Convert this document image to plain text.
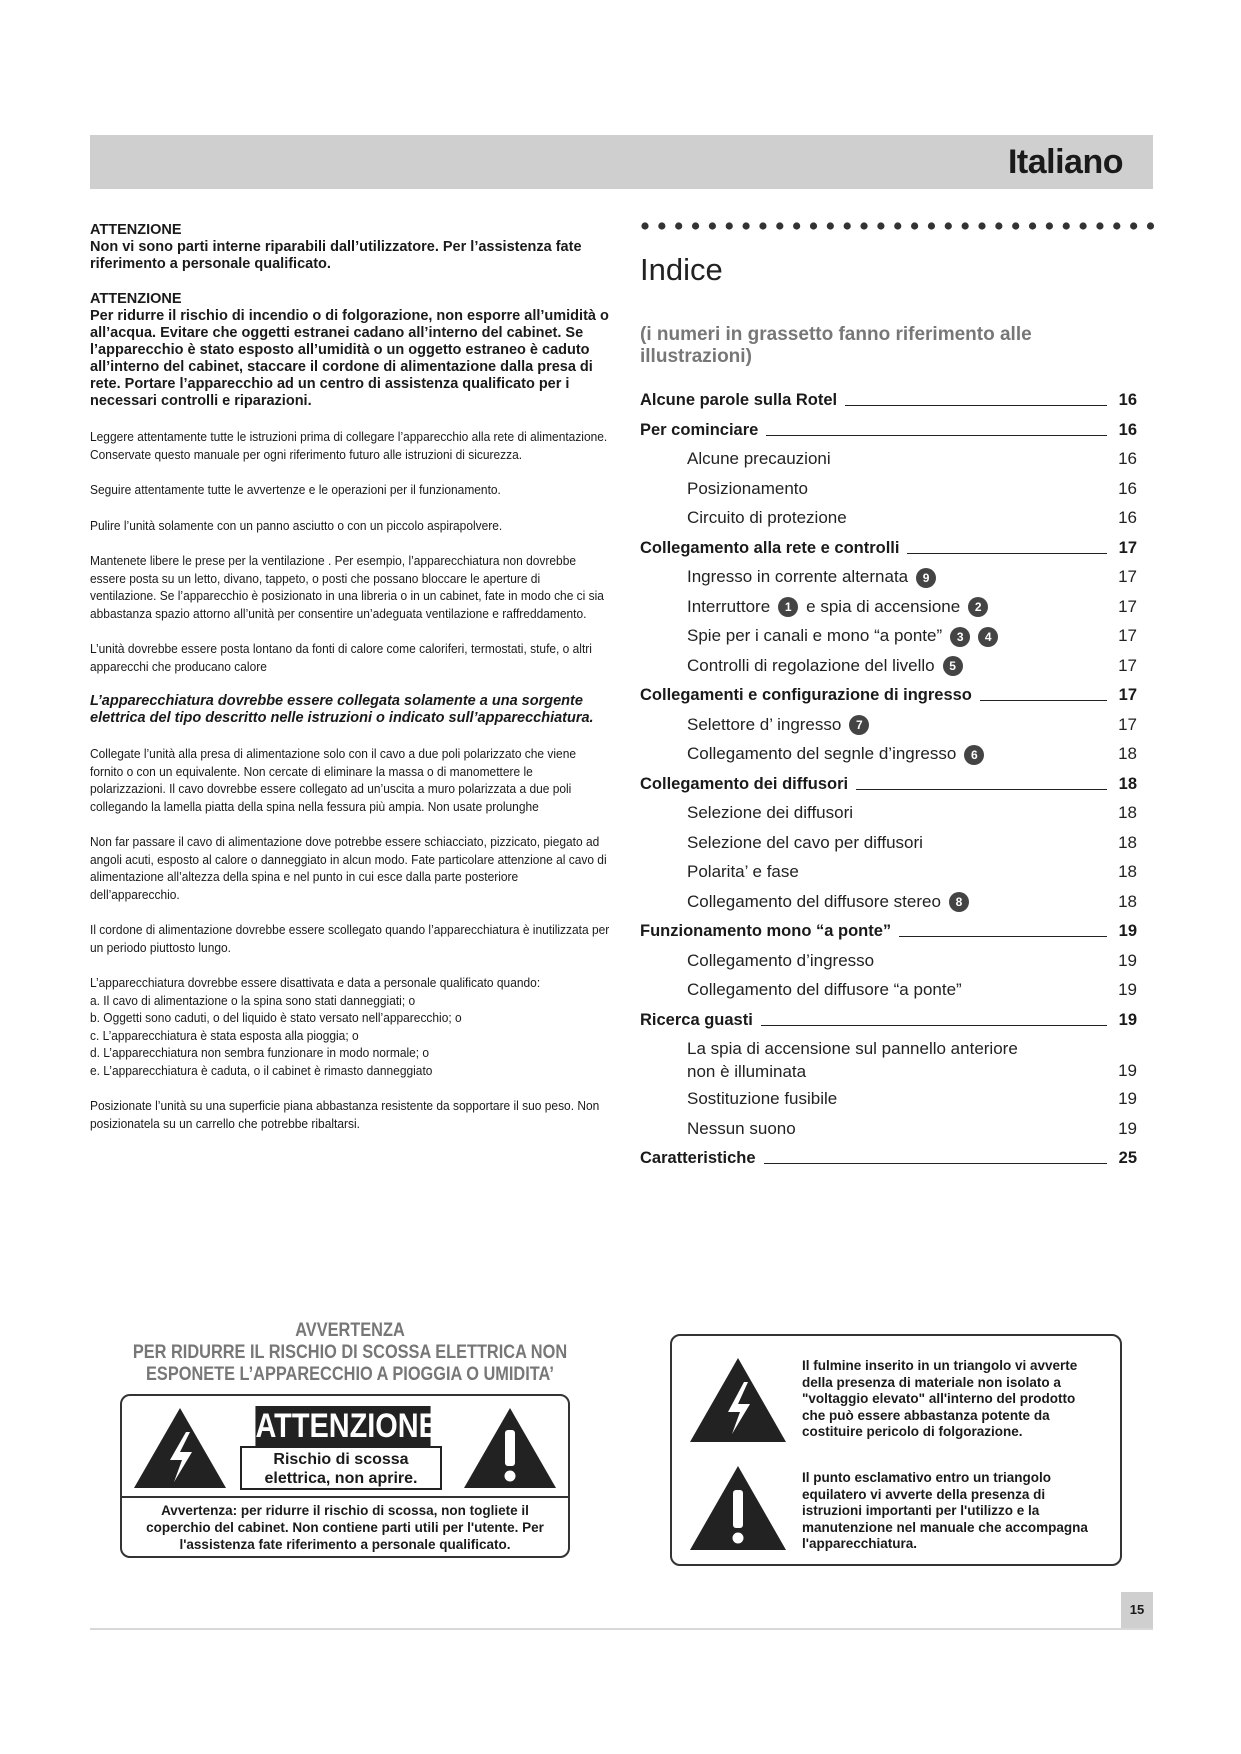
Italiano
ATTENZIONE
Non vi sono parti interne riparabili dall’utilizzatore. Per l’assistenza fate riferimento a personale qualificato.
ATTENZIONE
Per ridurre il rischio di incendio o di folgorazione, non esporre all’umidità o all’acqua. Evitare che oggetti estranei cadano all’interno del cabinet. Se l’apparecchio è stato esposto all’umidità o un oggetto estraneo è caduto all’interno del cabinet, staccare il cordone di alimentazione dalla presa di rete. Portare l’apparecchio ad un centro di assistenza qualificato per i necessari controlli e riparazioni.
Leggere attentamente tutte le istruzioni prima di collegare l’apparecchio alla rete di alimentazione. Conservate questo manuale per ogni riferimento futuro alle istruzioni di sicurezza.
Seguire attentamente tutte le avvertenze e le operazioni per il funzionamento.
Pulire l’unità solamente con un panno asciutto o con un piccolo aspirapolvere.
Mantenete libere le prese per la ventilazione . Per esempio, l’apparecchiatura non dovrebbe essere posta su un letto, divano, tappeto, o posti che possano bloccare le aperture di ventilazione. Se l’apparecchio è posizionato in una libreria o in un cabinet, fate in modo che ci sia abbastanza spazio attorno all’unità per consentire un’adeguata ventilazione e raffreddamento.
L’unità dovrebbe essere posta lontano da fonti di calore come caloriferi, termostati, stufe, o altri apparecchi che producano calore
L’apparecchiatura dovrebbe essere collegata solamente a una sorgente elettrica del tipo descritto nelle istruzioni o indicato sull’apparecchiatura.
Collegate l’unità alla presa di alimentazione solo con il cavo a due poli polarizzato che viene fornito o con un equivalente. Non cercate di eliminare la massa o di manomettere le polarizzazioni. Il cavo dovrebbe essere collegato ad un’uscita a muro polarizzata a due poli collegando la lamella piatta della spina nella fessura più ampia. Non usate prolunghe
Non far passare il cavo di alimentazione dove potrebbe essere schiacciato, pizzicato, piegato ad angoli acuti, esposto al calore o danneggiato in alcun modo. Fate particolare attenzione al cavo di alimentazione all’altezza della spina e nel punto in cui esce dalla parte posteriore dell’apparecchio.
Il cordone di alimentazione dovrebbe essere scollegato quando l’apparecchiatura è inutilizzata per un periodo piuttosto lungo.
L’apparecchiatura dovrebbe essere disattivata e data a personale qualificato quando:
a. Il cavo di alimentazione o la spina sono stati danneggiati; o
b. Oggetti sono caduti, o del liquido è stato versato nell’apparecchio; o
c. L’apparecchiatura è stata esposta alla pioggia; o
d. L’apparecchiatura non sembra funzionare in modo normale; o
e. L’apparecchiatura è caduta, o il cabinet è rimasto danneggiato
Posizionate l’unità su una superficie piana abbastanza resistente da sopportare il suo peso. Non posizionatela su un carrello che potrebbe ribaltarsi.
Indice
(i numeri in grassetto fanno riferimento alle illustrazioni)
Alcune parole sulla Rotel	16
Per cominciare	16
Alcune precauzioni	16
Posizionamento	16
Circuito di protezione	16
Collegamento alla rete e controlli	17
Ingresso in corrente alternata 9	17
Interruttore 1 e spia di accensione 2	17
Spie per i canali e mono “a ponte” 3 4	17
Controlli di regolazione del livello 5	17
Collegamenti e configurazione di ingresso	17
Selettore d’ ingresso 7	17
Collegamento del segnle d’ingresso 6	18
Collegamento dei diffusori	18
Selezione dei diffusori	18
Selezione del cavo per diffusori	18
Polarita’ e fase	18
Collegamento del diffusore stereo 8	18
Funzionamento mono “a ponte”	19
Collegamento d’ingresso	19
Collegamento del diffusore “a ponte”	19
Ricerca guasti	19
La spia di accensione sul pannello anteriore
non è illuminata	19
Sostituzione fusibile	19
Nessun suono	19
Caratteristiche	25
AVVERTENZA
PER RIDURRE IL RISCHIO DI SCOSSA ELETTRICA NON
ESPONETE L’APPARECCHIO A PIOGGIA O UMIDITA’
ATTENZIONE
Rischio di scossa
elettrica, non aprire.
Avvertenza: per ridurre il rischio di scossa, non togliete il coperchio del cabinet. Non contiene parti utili per l'utente. Per l'assistenza fate riferimento a personale qualificato.
Il fulmine inserito in un triangolo vi avverte della presenza di materiale non isolato a "voltaggio elevato" all'interno del prodotto che può essere abbastanza potente da costituire pericolo di folgorazione.
Il punto esclamativo entro un triangolo equilatero vi avverte della presenza di istruzioni importanti per l'utilizzo e la manutenzione nel manuale che accompagna l'apparecchiatura.
15
